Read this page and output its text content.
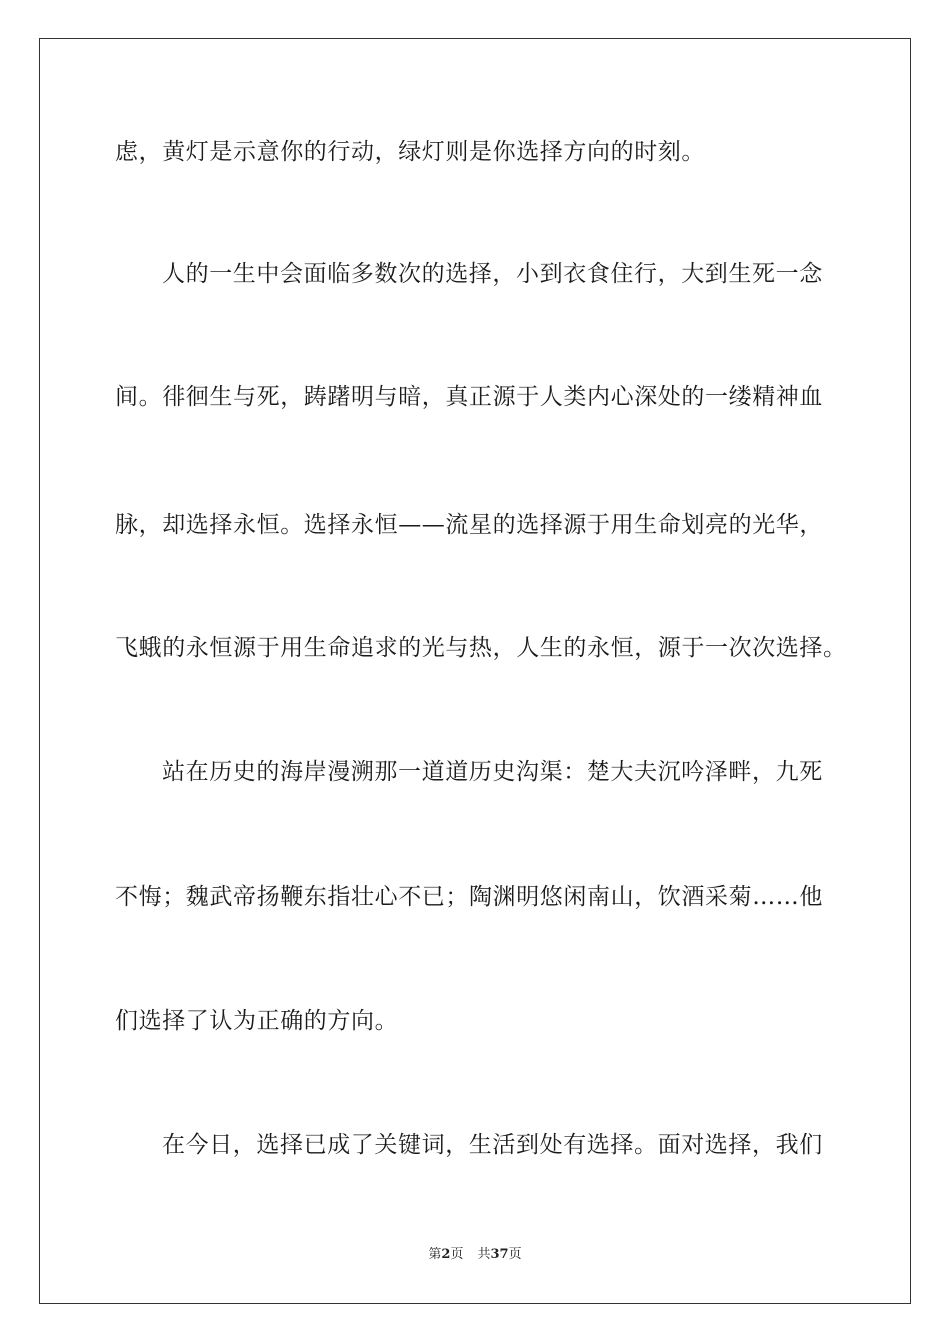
虑，黄灯是示意你的行动，绿灯则是你选择方向的时刻。
人的一生中会面临多数次的选择，小到衣食住行，大到生死一念
间。徘徊生与死，踌躇明与暗，真正源于人类内心深处的一缕精神血
脉，却选择永恒。选择永恒——流星的选择源于用生命划亮的光华，
飞蛾的永恒源于用生命追求的光与热，人生的永恒，源于一次次选择。
站在历史的海岸漫溯那一道道历史沟渠：楚大夫沉吟泽畔，九死
不悔；魏武帝扬鞭东指壮心不已；陶渊明悠闲南山，饮酒采菊……他
们选择了认为正确的方向。
在今日，选择已成了关键词，生活到处有选择。面对选择，我们
第2页 共37页
